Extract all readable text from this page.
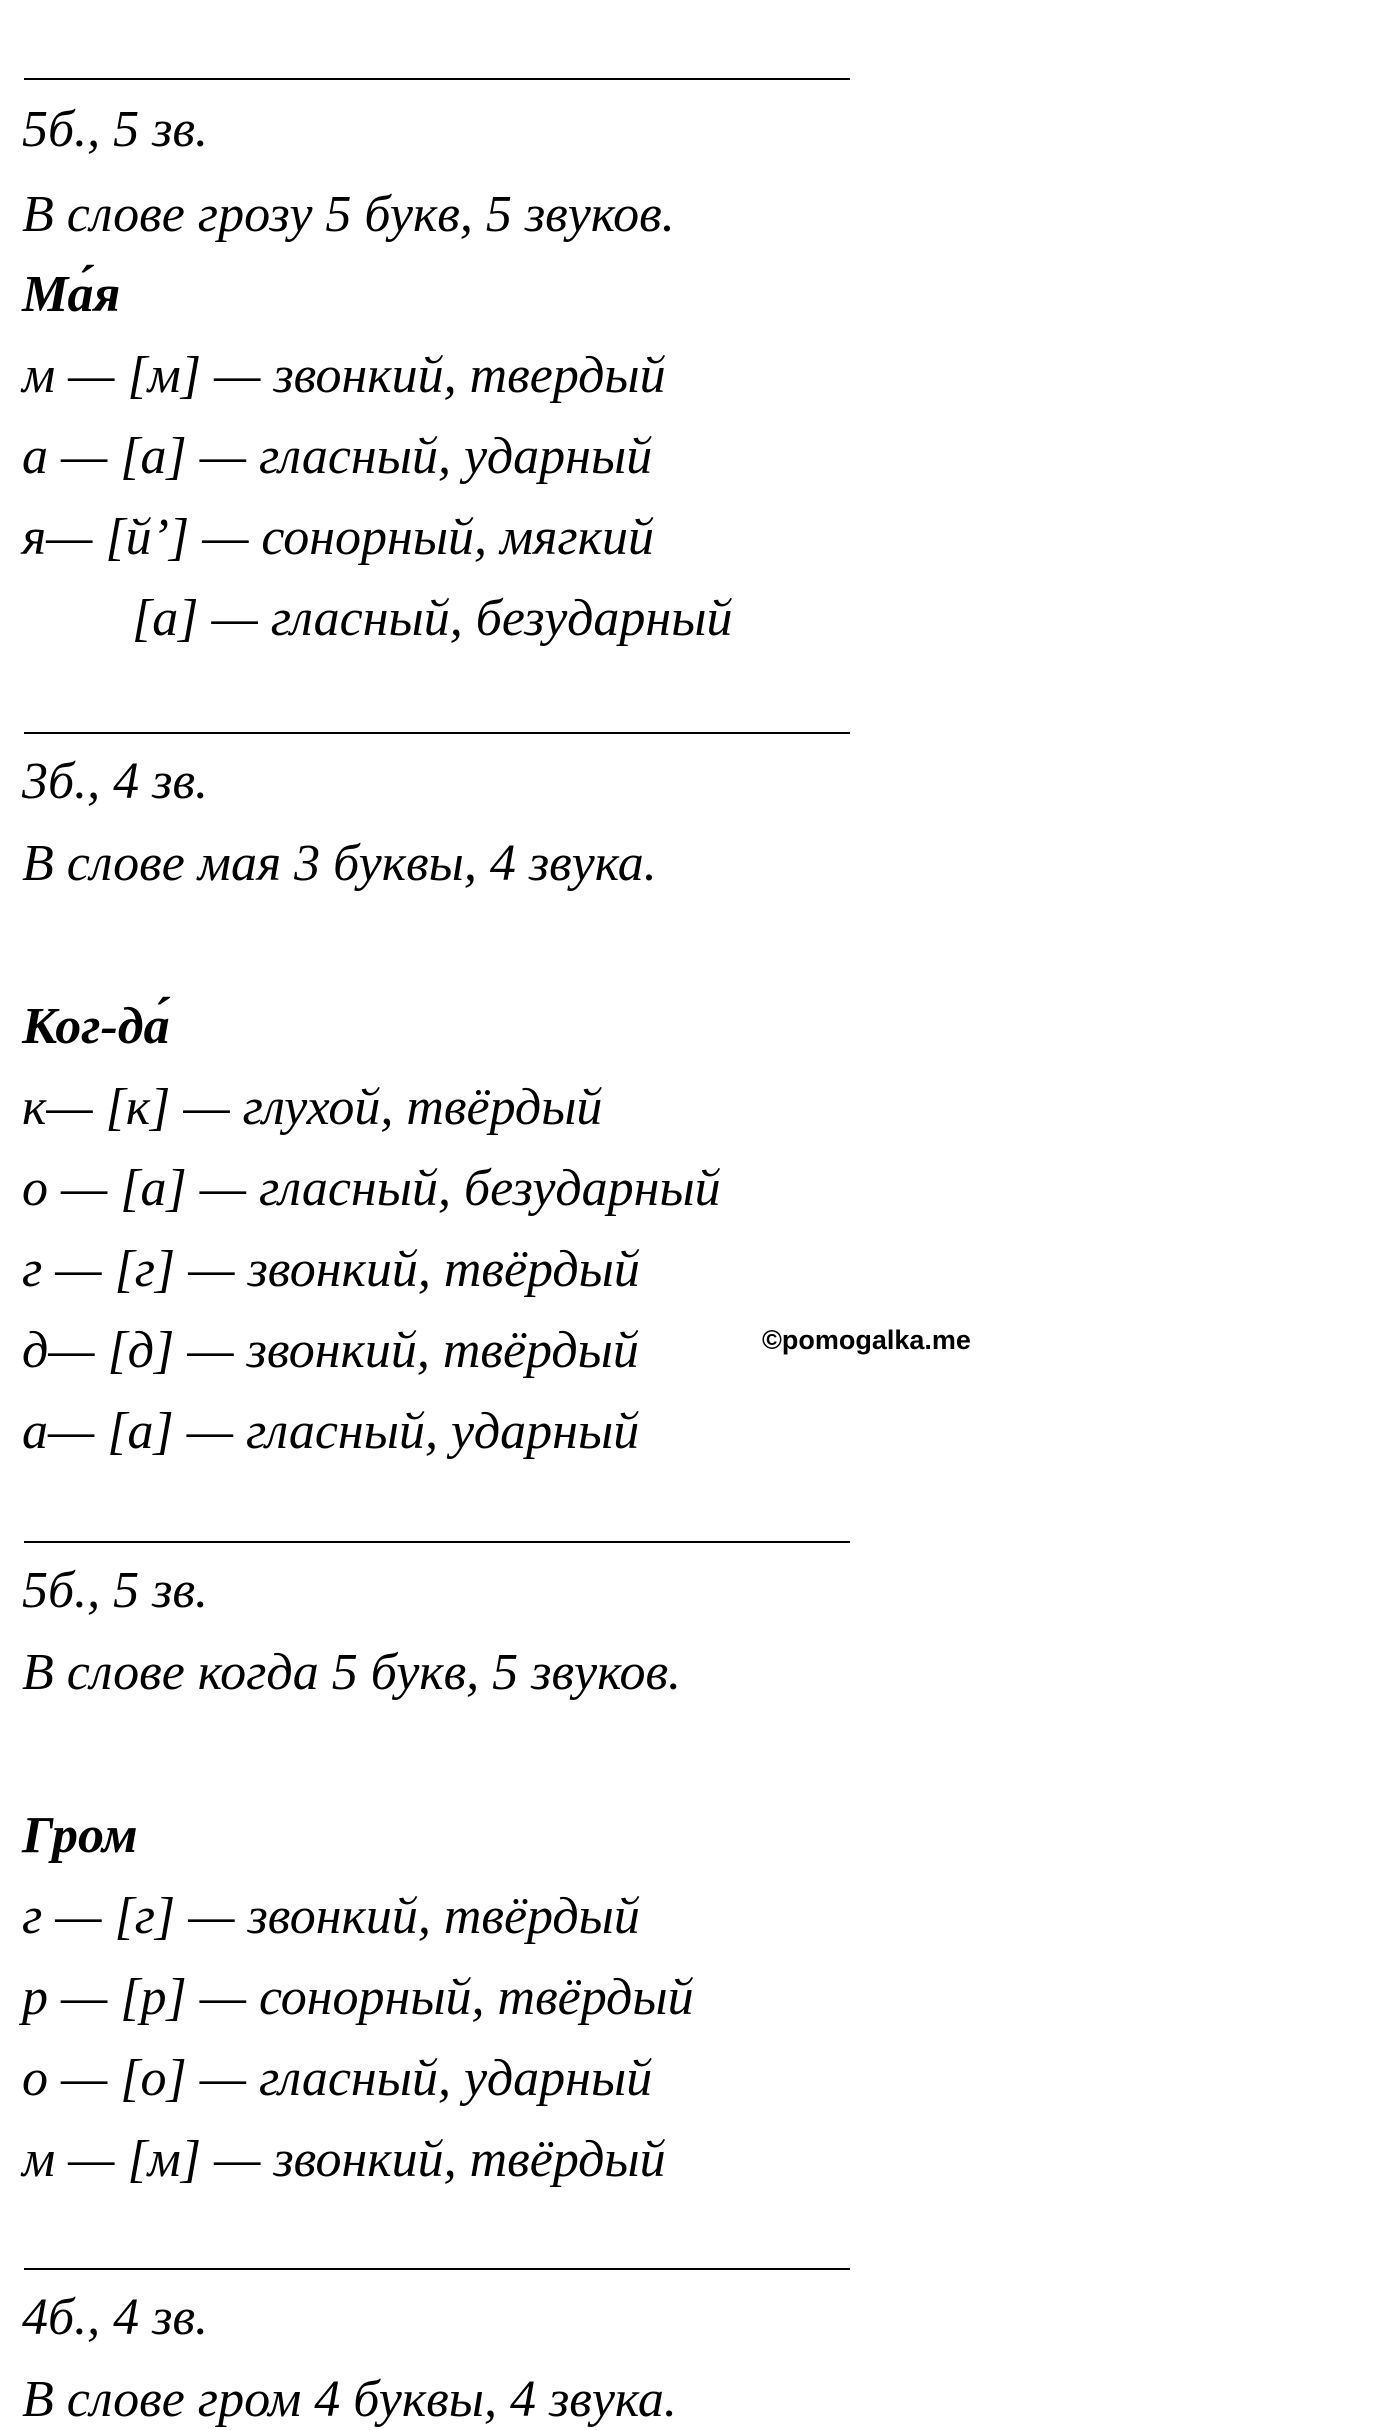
5б., 5 зв.
В слове грозу 5 букв, 5 звуков.
Ма́я
м — [м] — звонкий, твердый
а — [а] — гласный, ударный
я— [й’] — сонорный, мягкий
[а] — гласный, безударный
3б., 4 зв.
В слове мая 3 буквы, 4 звука.
Ког-да́
к— [к] — глухой, твёрдый
о — [а] — гласный, безударный
г — [г] — звонкий, твёрдый
д— [д] — звонкий, твёрдый	©pomogalka.me
а— [а] — гласный, ударный
5б., 5 зв.
В слове когда 5 букв, 5 звуков.
Гром
г — [г] — звонкий, твёрдый
р — [р] — сонорный, твёрдый
о — [о] — гласный, ударный
м — [м] — звонкий, твёрдый
4б., 4 зв.
В слове гром 4 буквы, 4 звука.
